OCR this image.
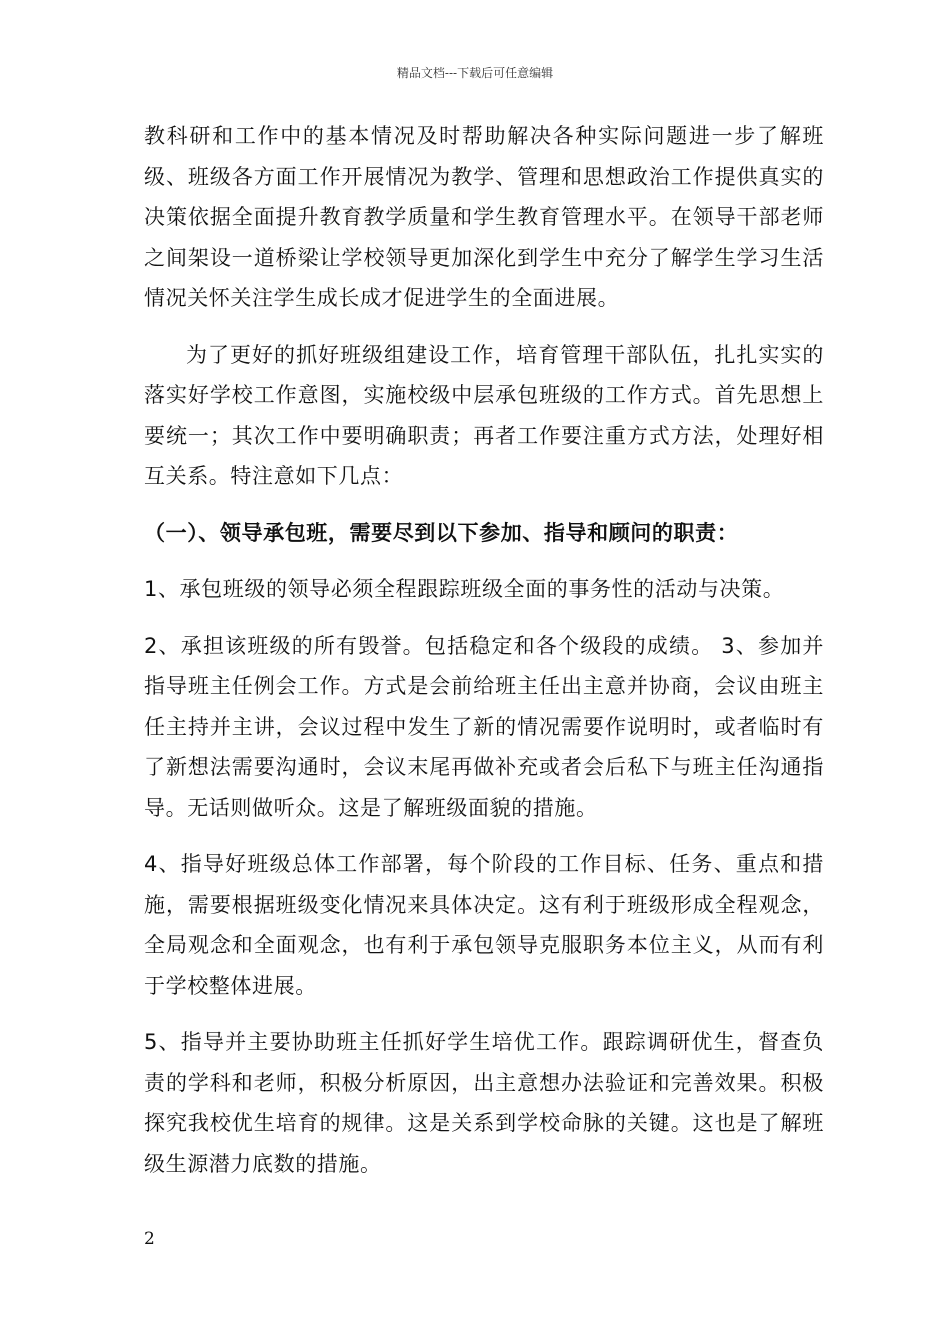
精品文档---下载后可任意编辑

教科研和工作中的基本情况及时帮助解决各种实际问题进一步了解班级、班级各方面工作开展情况为教学、管理和思想政治工作提供真实的决策依据全面提升教育教学质量和学生教育管理水平。在领导干部老师之间架设一道桥梁让学校领导更加深化到学生中充分了解学生学习生活情况关怀关注学生成长成才促进学生的全面进展。

为了更好的抓好班级组建设工作，培育管理干部队伍，扎扎实实的落实好学校工作意图，实施校级中层承包班级的工作方式。首先思想上要统一；其次工作中要明确职责；再者工作要注重方式方法，处理好相互关系。特注意如下几点：

（一）、领导承包班，需要尽到以下参加、指导和顾问的职责：

1、承包班级的领导必须全程跟踪班级全面的事务性的活动与决策。

2、承担该班级的所有毁誉。包括稳定和各个级段的成绩。 3、参加并指导班主任例会工作。方式是会前给班主任出主意并协商，会议由班主任主持并主讲，会议过程中发生了新的情况需要作说明时，或者临时有了新想法需要沟通时，会议末尾再做补充或者会后私下与班主任沟通指导。无话则做听众。这是了解班级面貌的措施。

4、指导好班级总体工作部署，每个阶段的工作目标、任务、重点和措施，需要根据班级变化情况来具体决定。这有利于班级形成全程观念，全局观念和全面观念，也有利于承包领导克服职务本位主义，从而有利于学校整体进展。

5、指导并主要协助班主任抓好学生培优工作。跟踪调研优生，督查负责的学科和老师，积极分析原因，出主意想办法验证和完善效果。积极探究我校优生培育的规律。这是关系到学校命脉的关键。这也是了解班级生源潜力底数的措施。

2
